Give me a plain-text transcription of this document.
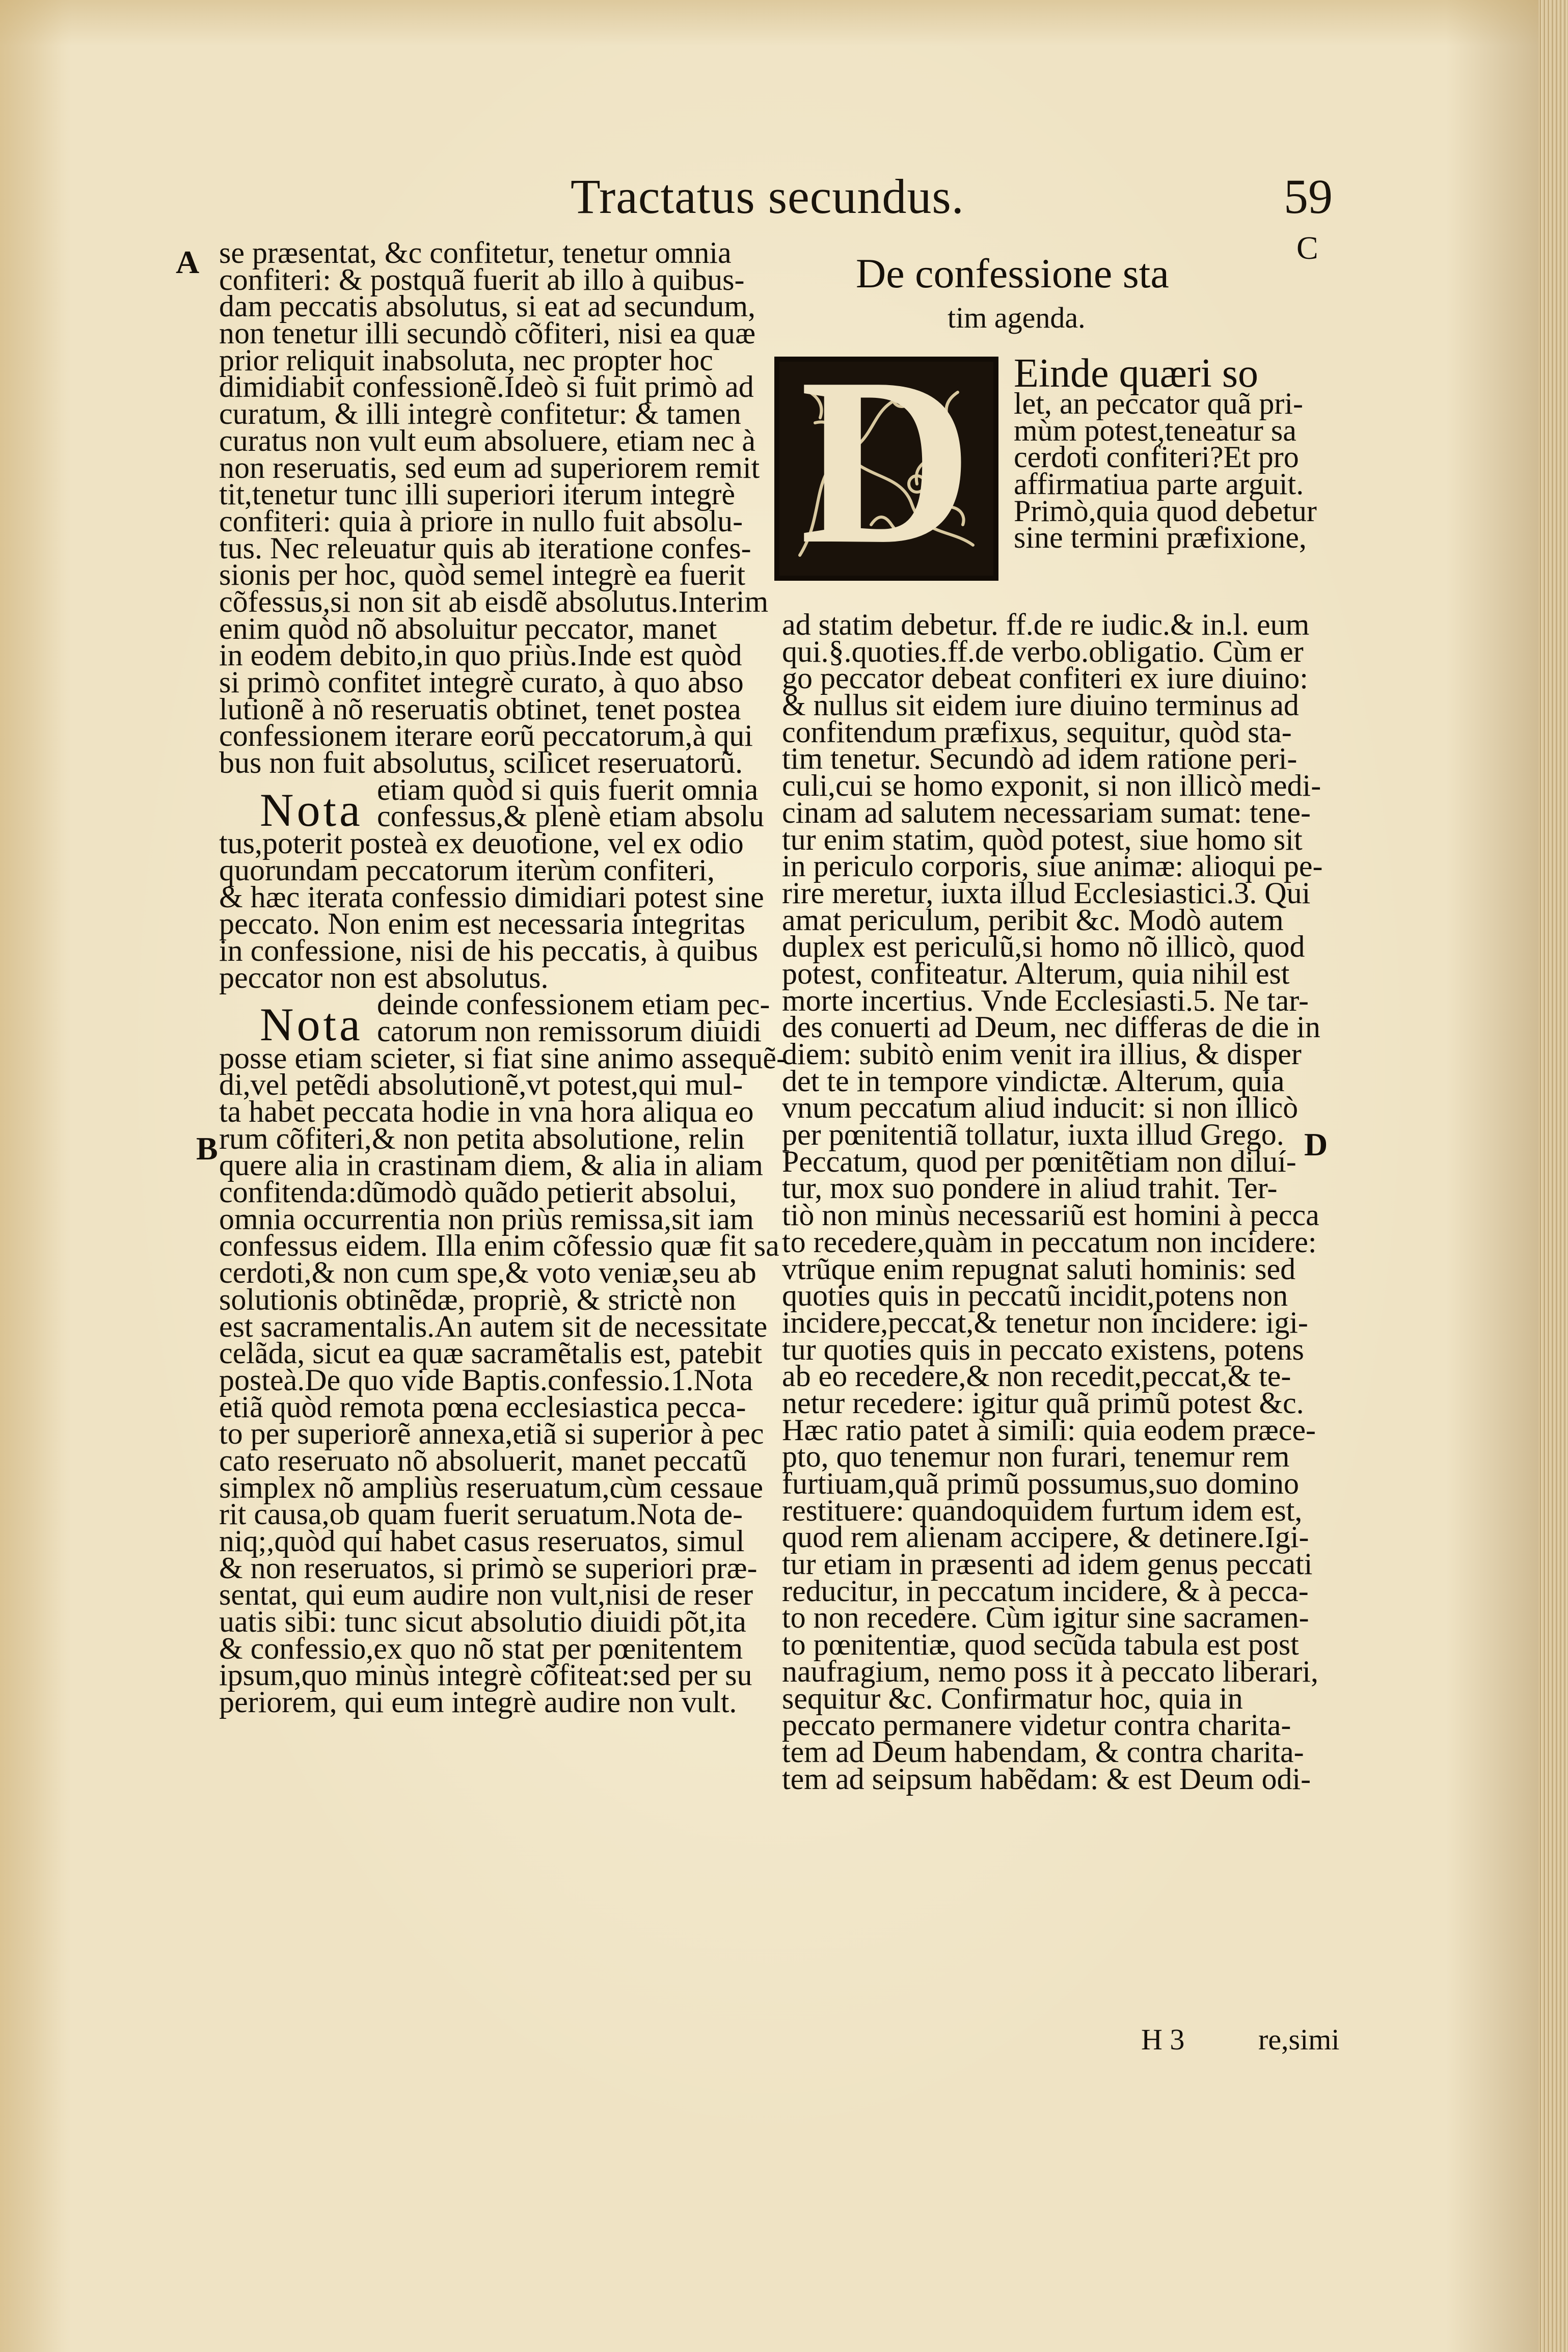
Tractatus secundus.	59
A
B
C
D
se præsentat, &c confitetur, tenetur omnia
confiteri: & postquã fuerit ab illo à quibus-
dam peccatis absolutus, si eat ad secundum,
non tenetur illi secundò cõfiteri, nisi ea quæ
prior reliquit inabsoluta, nec propter hoc
dimidiabit confessionẽ.Ideò si fuit primò ad
curatum, & illi integrè confitetur: & tamen
curatus non vult eum absoluere, etiam nec à
non reseruatis, sed eum ad superiorem remit
tit,tenetur tunc illi superiori iterum integrè
confiteri: quia à priore in nullo fuit absolu-
tus. Nec releuatur quis ab iteratione confes-
sionis per hoc, quòd semel integrè ea fuerit
cõfessus,si non sit ab eisdẽ absolutus.Interim
enim quòd nõ absoluitur peccator, manet
in eodem debito,in quo priùs.Inde est quòd
si primò confitet integrè curato, à quo abso
lutionẽ à nõ reseruatis obtinet, tenet postea
confessionem iterare eorũ peccatorum,à qui
bus non fuit absolutus, scilicet reseruatorũ.
Nota etiam quòd si quis fuerit omnia
confessus,& plenè etiam absolu
tus,poterit posteà ex deuotione, vel ex odio
quorundam peccatorum iterùm confiteri,
& hæc iterata confessio dimidiari potest sine
peccato. Non enim est necessaria integritas
in confessione, nisi de his peccatis, à quibus
peccator non est absolutus.
Nota deinde confessionem etiam pec-
catorum non remissorum diuidi
posse etiam scieter, si fiat sine animo assequẽ-
di,vel petẽdi absolutionẽ,vt potest,qui mul-
ta habet peccata hodie in vna hora aliqua eo
rum cõfiteri,& non petita absolutione, relin
quere alia in crastinam diem, & alia in aliam
confitenda:dũmodò quãdo petierit absolui,
omnia occurrentia non priùs remissa,sit iam
confessus eidem. Illa enim cõfessio quæ fit sa
cerdoti,& non cum spe,& voto veniæ,seu ab
solutionis obtinẽdæ, propriè, & strictè non
est sacramentalis.An autem sit de necessitate
celãda, sicut ea quæ sacramẽtalis est, patebit
posteà.De quo vide Baptis.confessio.1.Nota
etiã quòd remota pœna ecclesiastica pecca-
to per superiorẽ annexa,etiã si superior à pec
cato reseruato nõ absoluerit, manet peccatũ
simplex nõ ampliùs reseruatum,cùm cessaue
rit causa,ob quam fuerit seruatum.Nota de-
niq;,quòd qui habet casus reseruatos, simul
& non reseruatos, si primò se superiori præ-
sentat, qui eum audire non vult,nisi de reser
uatis sibi: tunc sicut absolutio diuidi põt,ita
& confessio,ex quo nõ stat per pœnitentem
ipsum,quo minùs integrè cõfiteat:sed per su
periorem, qui eum integrè audire non vult.
De confessione sta
tim agenda.
D Einde quæri so
let, an peccator quã pri-
mùm potest,teneatur sa
cerdoti confiteri?Et pro
affirmatiua parte arguit.
Primò,quia quod debetur
sine termini præfixione,
ad statim debetur. ff.de re iudic.& in.l. eum
qui.§.quoties.ff.de verbo.obligatio. Cùm er
go peccator debeat confiteri ex iure diuino:
& nullus sit eidem iure diuino terminus ad
confitendum præfixus, sequitur, quòd sta-
tim tenetur. Secundò ad idem ratione peri-
culi,cui se homo exponit, si non illicò medi-
cinam ad salutem necessariam sumat: tene-
tur enim statim, quòd potest, siue homo sit
in periculo corporis, siue animæ: alioqui pe-
rire meretur, iuxta illud Ecclesiastici.3. Qui
amat periculum, peribit &c. Modò autem
duplex est periculũ,si homo nõ illicò, quod
potest, confiteatur. Alterum, quia nihil est
morte incertius. Vnde Ecclesiasti.5. Ne tar-
des conuerti ad Deum, nec differas de die in
diem: subitò enim venit ira illius, & disper
det te in tempore vindictæ. Alterum, quia
vnum peccatum aliud inducit: si non illicò
per pœnitentiã tollatur, iuxta illud Grego.
Peccatum, quod per pœnitẽtiam non diluí-
tur, mox suo pondere in aliud trahit. Ter-
tiò non minùs necessariũ est homini à pecca
to recedere,quàm in peccatum non incidere:
vtrũque enim repugnat saluti hominis: sed
quoties quis in peccatũ incidit,potens non
incidere,peccat,& tenetur non incidere: igi-
tur quoties quis in peccato existens, potens
ab eo recedere,& non recedit,peccat,& te-
netur recedere: igitur quã primũ potest &c.
Hæc ratio patet à simili: quia eodem præce-
pto, quo tenemur non furari, tenemur rem
furtiuam,quã primũ possumus,suo domino
restituere: quandoquidem furtum idem est,
quod rem alienam accipere, & detinere.Igi-
tur etiam in præsenti ad idem genus peccati
reducitur, in peccatum incidere, & à pecca-
to non recedere. Cùm igitur sine sacramen-
to pœnitentiæ, quod secũda tabula est post
naufragium, nemo poss it à peccato liberari,
sequitur &c. Confirmatur hoc, quia in
peccato permanere videtur contra charita-
tem ad Deum habendam, & contra charita-
tem ad seipsum habẽdam: & est Deum odi-
H 3 re,simi
